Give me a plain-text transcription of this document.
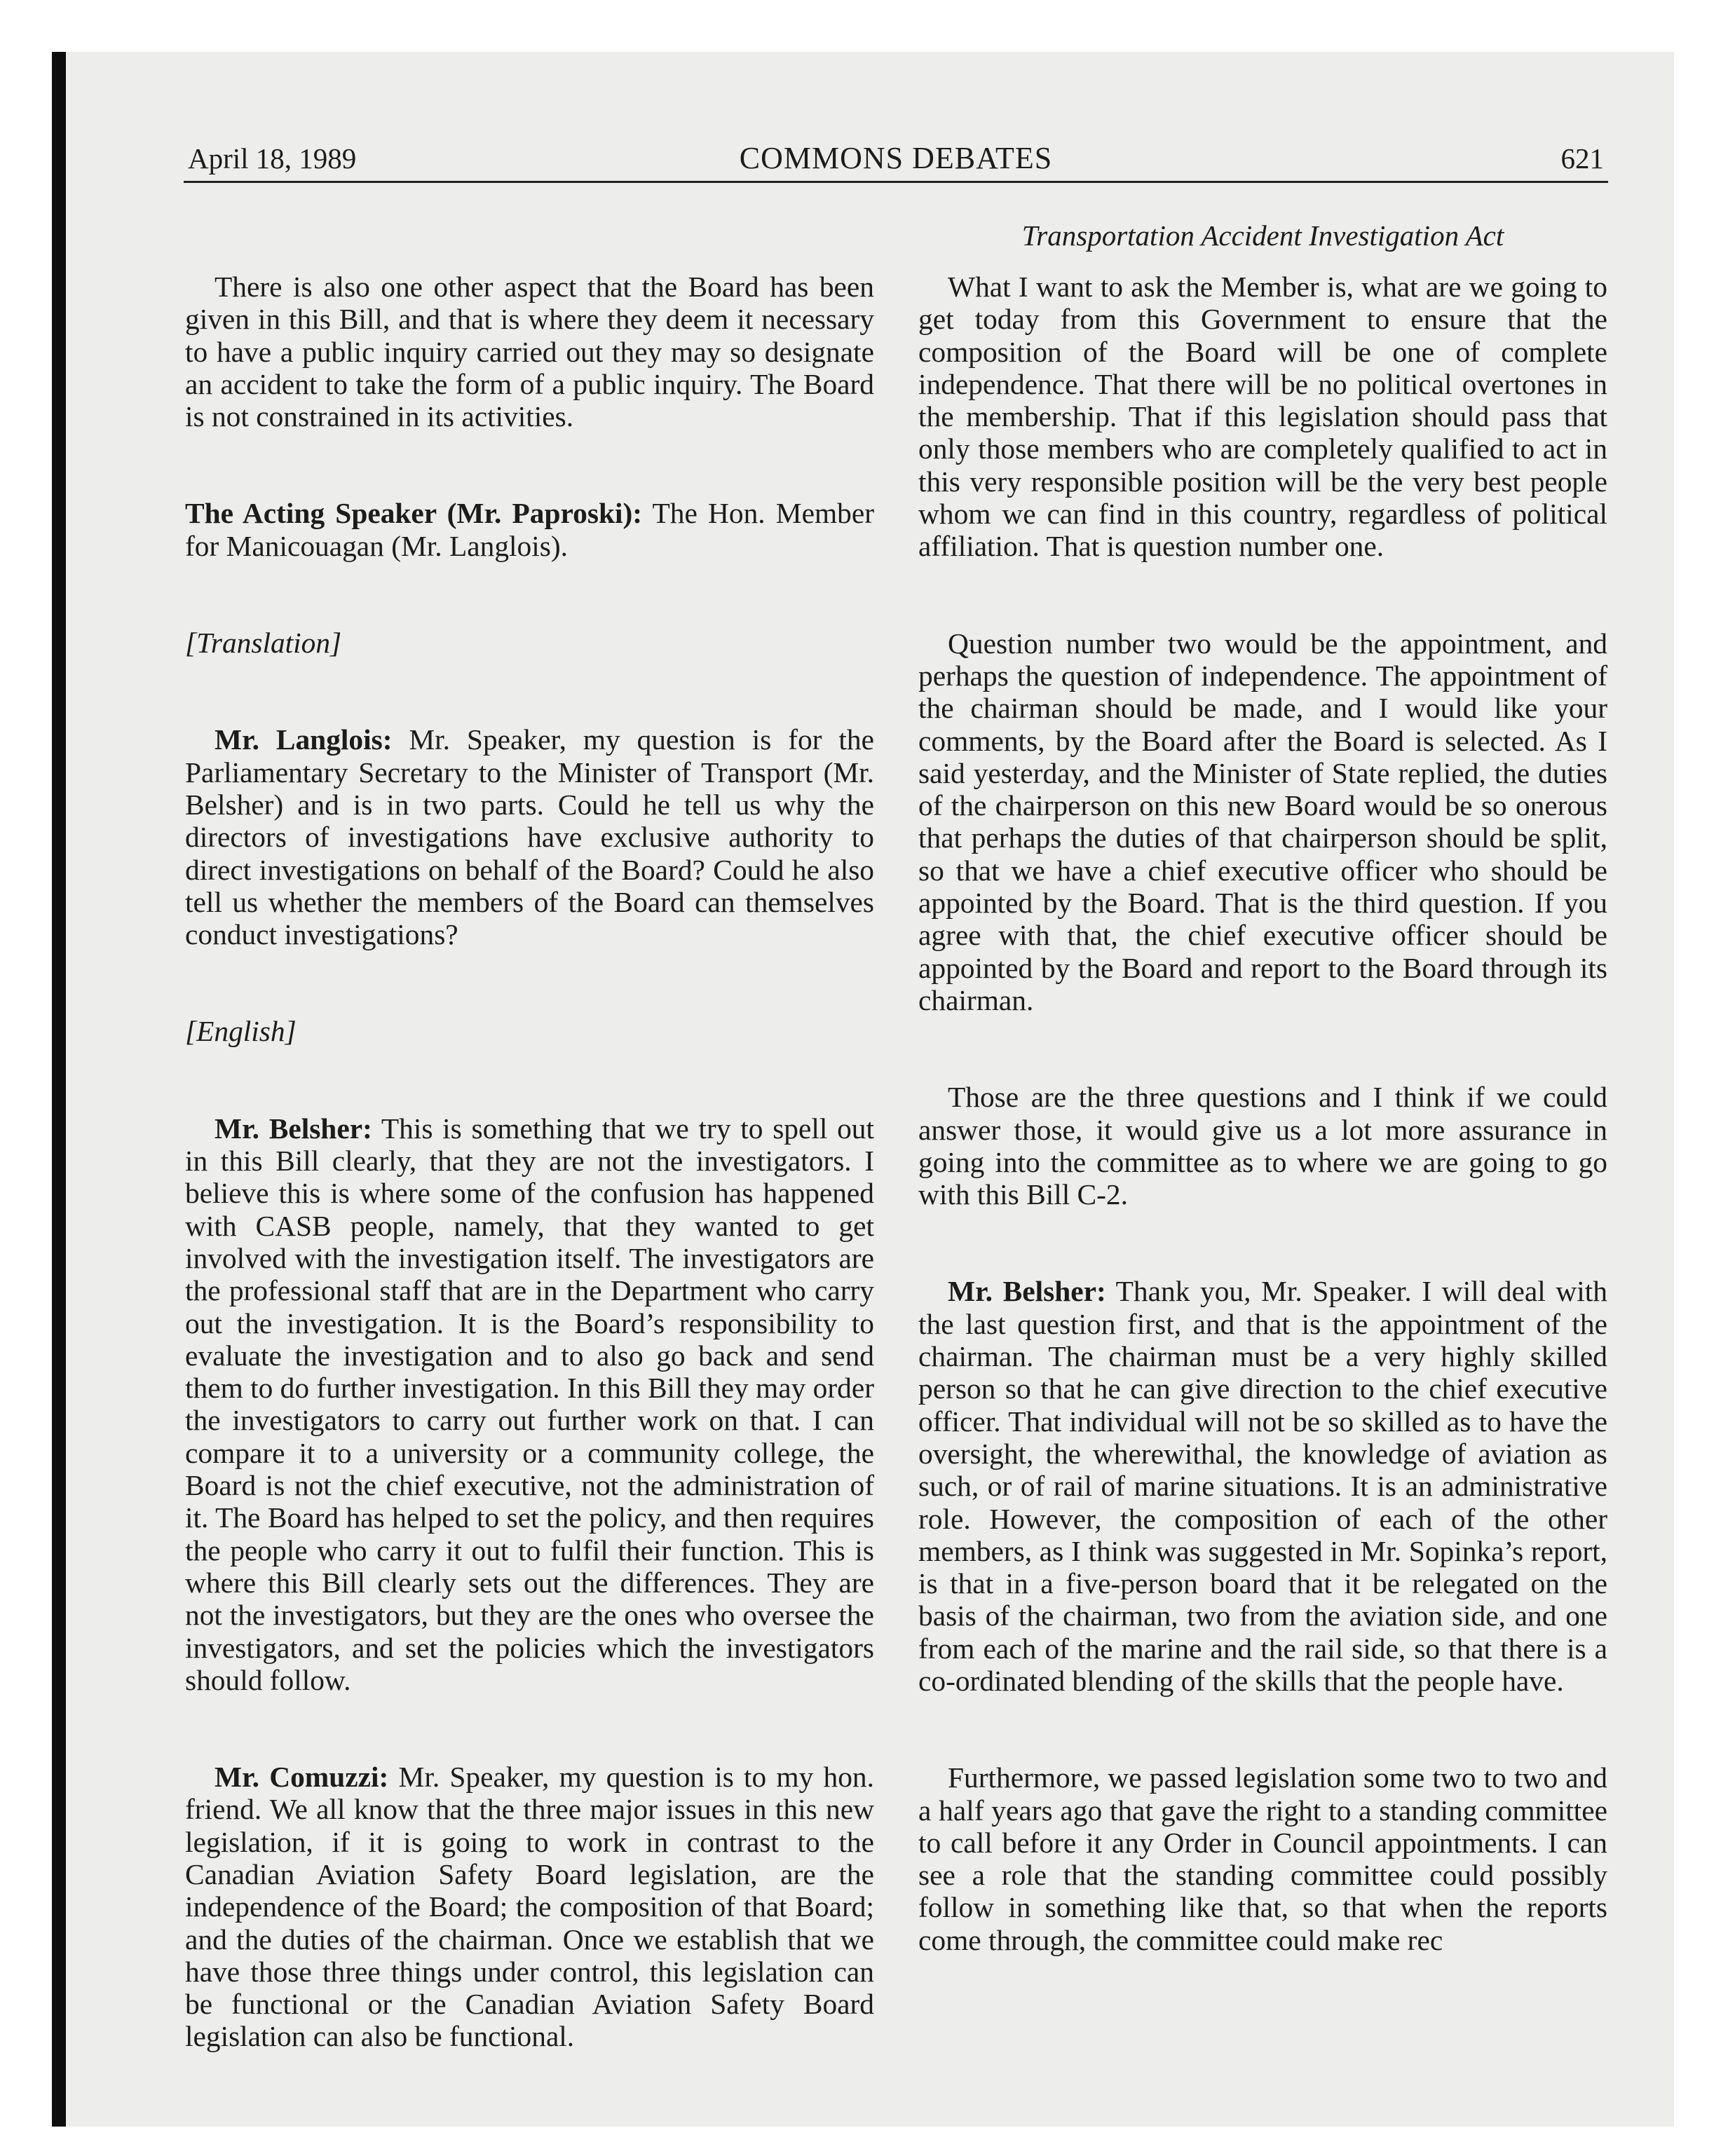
April 18, 1989	COMMONS DEBATES	621
Transportation Accident Investigation Act

There is also one other aspect that the Board has been given in this Bill, and that is where they deem it necessary to have a public inquiry carried out they may so designate an accident to take the form of a public inquiry. The Board is not constrained in its activities.

The Acting Speaker (Mr. Paproski): The Hon. Member for Manicouagan (Mr. Langlois).

[Translation]

Mr. Langlois: Mr. Speaker, my question is for the Parliamentary Secretary to the Minister of Transport (Mr. Belsher) and is in two parts. Could he tell us why the directors of investigations have exclusive authority to direct investigations on behalf of the Board? Could he also tell us whether the members of the Board can themselves conduct investigations?

[English]

Mr. Belsher: This is something that we try to spell out in this Bill clearly, that they are not the investigators. I believe this is where some of the confusion has happened with CASB people, namely, that they wanted to get involved with the investigation itself. The investigators are the professional staff that are in the Department who carry out the investigation. It is the Board’s responsibility to evaluate the investigation and to also go back and send them to do further investigation. In this Bill they may order the investigators to carry out further work on that. I can compare it to a university or a community college, the Board is not the chief executive, not the administration of it. The Board has helped to set the policy, and then requires the people who carry it out to fulfil their function. This is where this Bill clearly sets out the differences. They are not the investigators, but they are the ones who oversee the investigators, and set the policies which the investigators should follow.

Mr. Comuzzi: Mr. Speaker, my question is to my hon. friend. We all know that the three major issues in this new legislation, if it is going to work in contrast to the Canadian Aviation Safety Board legislation, are the independence of the Board; the composition of that Board; and the duties of the chairman. Once we establish that we have those three things under control, this legislation can be functional or the Canadian Aviation Safety Board legislation can also be functional.

What I want to ask the Member is, what are we going to get today from this Government to ensure that the composition of the Board will be one of complete independence. That there will be no political overtones in the membership. That if this legislation should pass that only those members who are completely qualified to act in this very responsible position will be the very best people whom we can find in this country, regardless of political affiliation. That is question number one.

Question number two would be the appointment, and perhaps the question of independence. The appointment of the chairman should be made, and I would like your comments, by the Board after the Board is selected. As I said yesterday, and the Minister of State replied, the duties of the chairperson on this new Board would be so onerous that perhaps the duties of that chairperson should be split, so that we have a chief executive officer who should be appointed by the Board. That is the third question. If you agree with that, the chief executive officer should be appointed by the Board and report to the Board through its chairman.

Those are the three questions and I think if we could answer those, it would give us a lot more assurance in going into the committee as to where we are going to go with this Bill C‑2.

Mr. Belsher: Thank you, Mr. Speaker. I will deal with the last question first, and that is the appointment of the chairman. The chairman must be a very highly skilled person so that he can give direction to the chief executive officer. That individual will not be so skilled as to have the oversight, the wherewithal, the knowledge of aviation as such, or of rail of marine situations. It is an administrative role. However, the composition of each of the other members, as I think was suggested in Mr. Sopinka’s report, is that in a five‑person board that it be relegated on the basis of the chairman, two from the aviation side, and one from each of the marine and the rail side, so that there is a co‑ordinated blending of the skills that the people have.

Furthermore, we passed legislation some two to two and a half years ago that gave the right to a standing committee to call before it any Order in Council appointments. I can see a role that the standing committee could possibly follow in something like that, so that when the reports come through, the committee could make rec
